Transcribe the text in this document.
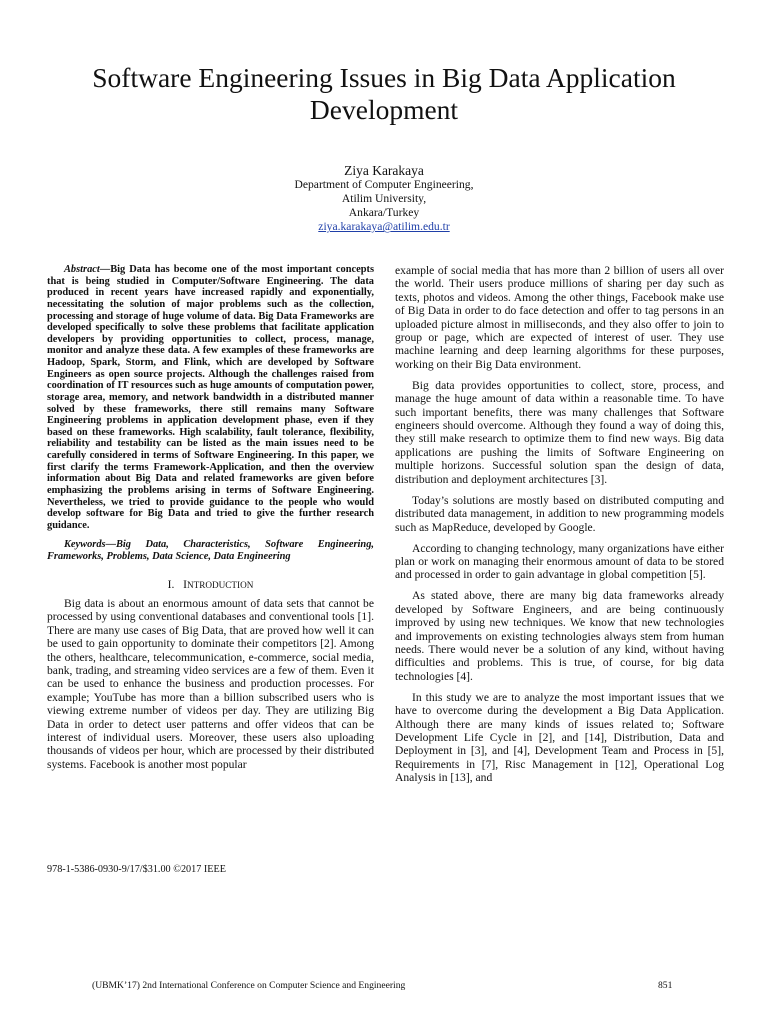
Software Engineering Issues in Big Data Application Development
Ziya Karakaya
Department of Computer Engineering,
Atilim University,
Ankara/Turkey
ziya.karakaya@atilim.edu.tr

Abstract—Big Data has become one of the most important concepts that is being studied in Computer/Software Engineering. The data produced in recent years have increased rapidly and exponentially, necessitating the solution of major problems such as the collection, processing and storage of huge volume of data. Big Data Frameworks are developed specifically to solve these problems that facilitate application developers by providing opportunities to collect, process, manage, monitor and analyze these data. A few examples of these frameworks are Hadoop, Spark, Storm, and Flink, which are developed by Software Engineers as open source projects. Although the challenges raised from coordination of IT resources such as huge amounts of computation power, storage area, memory, and network bandwidth in a distributed manner solved by these frameworks, there still remains many Software Engineering problems in application development phase, even if they based on these frameworks. High scalability, fault tolerance, flexibility, reliability and testability can be listed as the main issues need to be carefully considered in terms of Software Engineering. In this paper, we first clarify the terms Framework-Application, and then the overview information about Big Data and related frameworks are given before emphasizing the problems arising in terms of Software Engineering. Nevertheless, we tried to provide guidance to the people who would develop software for Big Data and tried to give the further research guidance.

Keywords—Big Data, Characteristics, Software Engineering, Frameworks, Problems, Data Science, Data Engineering

I. INTRODUCTION

Big data is about an enormous amount of data sets that cannot be processed by using conventional databases and conventional tools [1]. There are many use cases of Big Data, that are proved how well it can be used to gain opportunity to dominate their competitors [2]. Among the others, healthcare, telecommunication, e-commerce, social media, bank, trading, and streaming video services are a few of them. Even it can be used to enhance the business and production processes. For example; YouTube has more than a billion subscribed users who is viewing extreme number of videos per day. They are utilizing Big Data in order to detect user patterns and offer videos that can be interest of individual users. Moreover, these users also uploading thousands of videos per hour, which are processed by their distributed systems. Facebook is another most popular

example of social media that has more than 2 billion of users all over the world. Their users produce millions of sharing per day such as texts, photos and videos. Among the other things, Facebook make use of Big Data in order to do face detection and offer to tag persons in an uploaded picture almost in milliseconds, and they also offer to join to group or page, which are expected of interest of user. They use machine learning and deep learning algorithms for these purposes, working on their Big Data environment.

Big data provides opportunities to collect, store, process, and manage the huge amount of data within a reasonable time. To have such important benefits, there was many challenges that Software engineers should overcome. Although they found a way of doing this, they still make research to optimize them to find new ways. Big data applications are pushing the limits of Software Engineering on multiple horizons. Successful solution span the design of data, distribution and deployment architectures [3].

Today’s solutions are mostly based on distributed computing and distributed data management, in addition to new programming models such as MapReduce, developed by Google.

According to changing technology, many organizations have either plan or work on managing their enormous amount of data to be stored and processed in order to gain advantage in global competition [5].

As stated above, there are many big data frameworks already developed by Software Engineers, and are being continuously improved by using new techniques. We know that new technologies and improvements on existing technologies always stem from human needs. There would never be a solution of any kind, without having difficulties and problems. This is true, of course, for big data technologies [4].

In this study we are to analyze the most important issues that we have to overcome during the development a Big Data Application. Although there are many kinds of issues related to; Software Development Life Cycle in [2], and [14], Distribution, Data and Deployment in [3], and [4], Development Team and Process in [5], Requirements in [7], Risc Management in [12], Operational Log Analysis in [13], and

978-1-5386-0930-9/17/$31.00 ©2017 IEEE
(UBMK’17) 2nd International Conference on Computer Science and Engineering	851
